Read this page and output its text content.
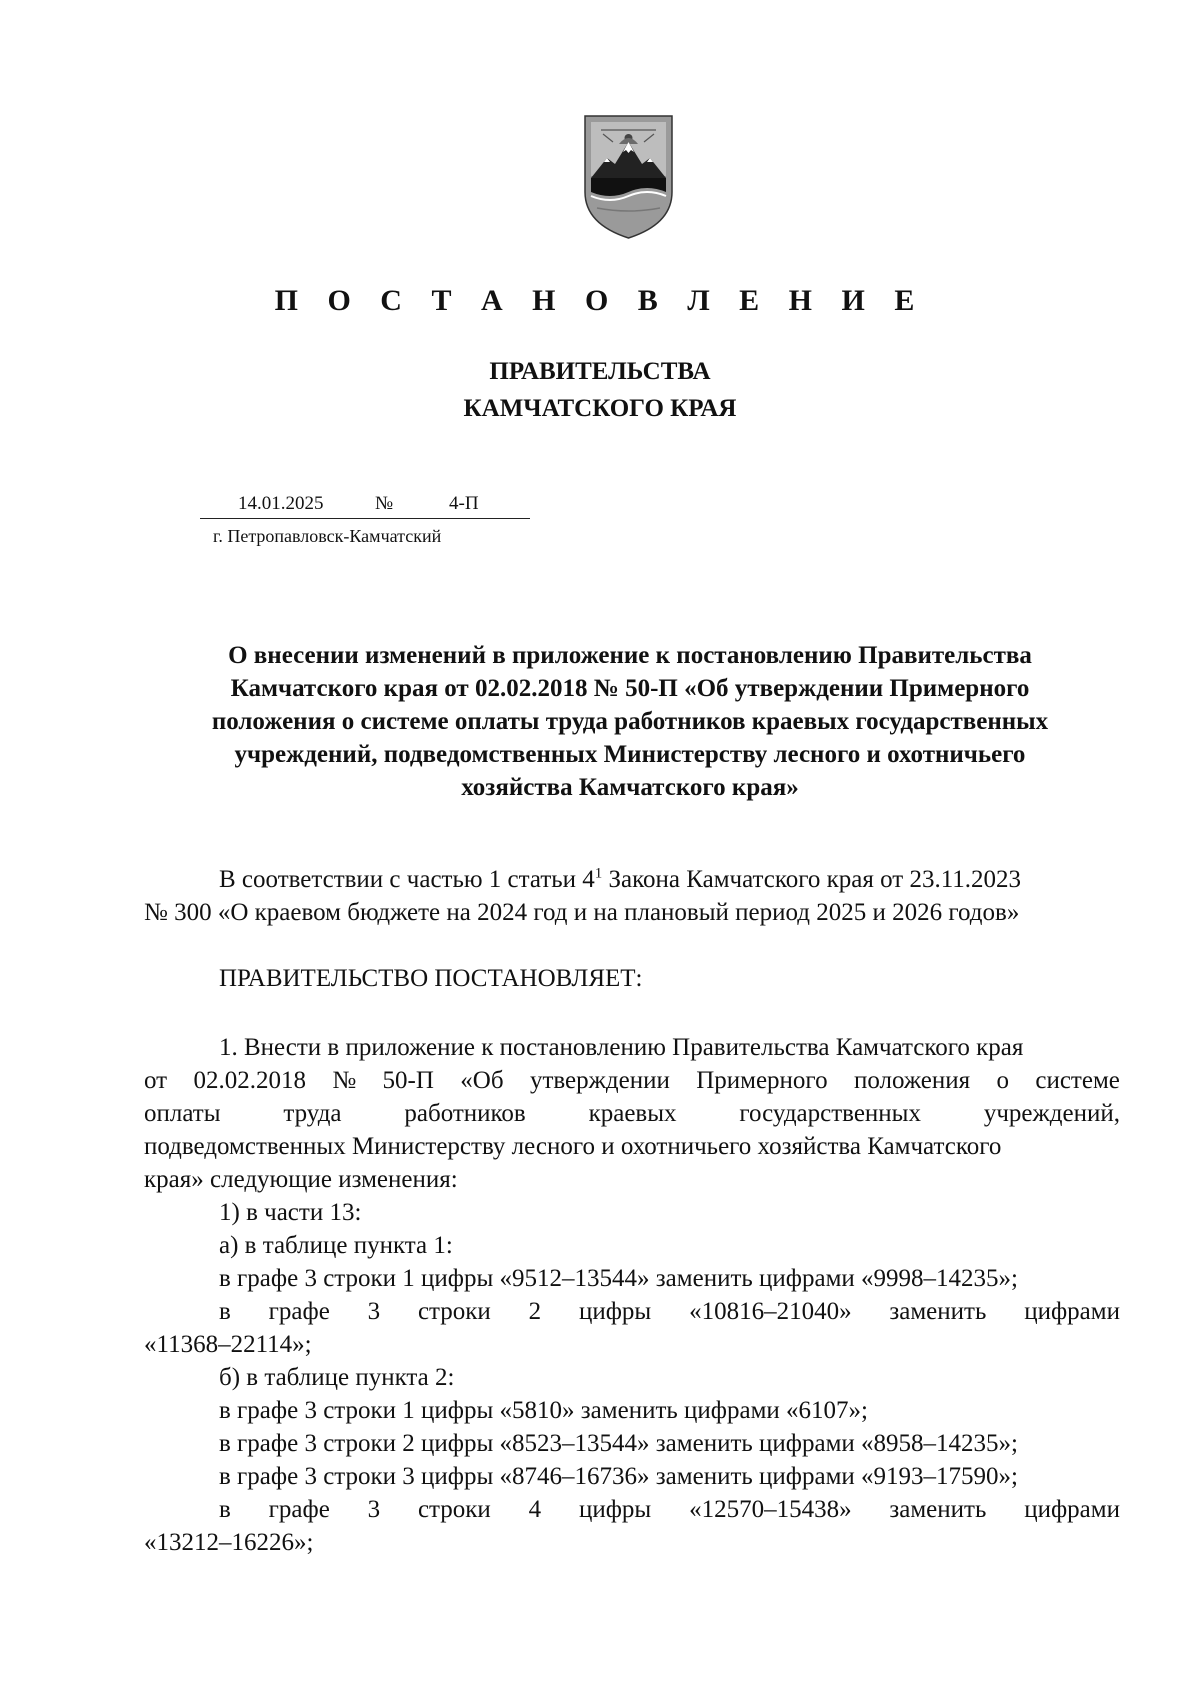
П О С Т А Н О В Л Е Н И Е
ПРАВИТЕЛЬСТВА
КАМЧАТСКОГО КРАЯ
14.01.2025	№	4-П
г. Петропавловск-Камчатский
О внесении изменений в приложение к постановлению Правительства
Камчатского края от 02.02.2018 № 50-П «Об утверждении Примерного
положения о системе оплаты труда работников краевых государственных
учреждений, подведомственных Министерству лесного и охотничьего
хозяйства Камчатского края»
В соответствии с частью 1 статьи $4^1$ Закона Камчатского края от 23.11.2023
№ 300 «О краевом бюджете на 2024 год и на плановый период 2025 и 2026 годов»
ПРАВИТЕЛЬСТВО ПОСТАНОВЛЯЕТ:
1. Внести в приложение к постановлению Правительства Камчатского края
от 02.02.2018 № 50-П «Об утверждении Примерного положения о системе
оплаты	труда	работников	краевых	государственных	учреждений,
подведомственных Министерству лесного и охотничьего хозяйства Камчатского
края» следующие изменения:
1) в части 13:
а) в таблице пункта 1:
в графе 3 строки 1 цифры «9512–13544» заменить цифрами «9998–14235»;
в графе 3 строки 2 цифры «10816–21040» заменить цифрами
«11368–22114»;
б) в таблице пункта 2:
в графе 3 строки 1 цифры «5810» заменить цифрами «6107»;
в графе 3 строки 2 цифры «8523–13544» заменить цифрами «8958–14235»;
в графе 3 строки 3 цифры «8746–16736» заменить цифрами «9193–17590»;
в графе 3 строки 4 цифры «12570–15438» заменить цифрами
«13212–16226»;
